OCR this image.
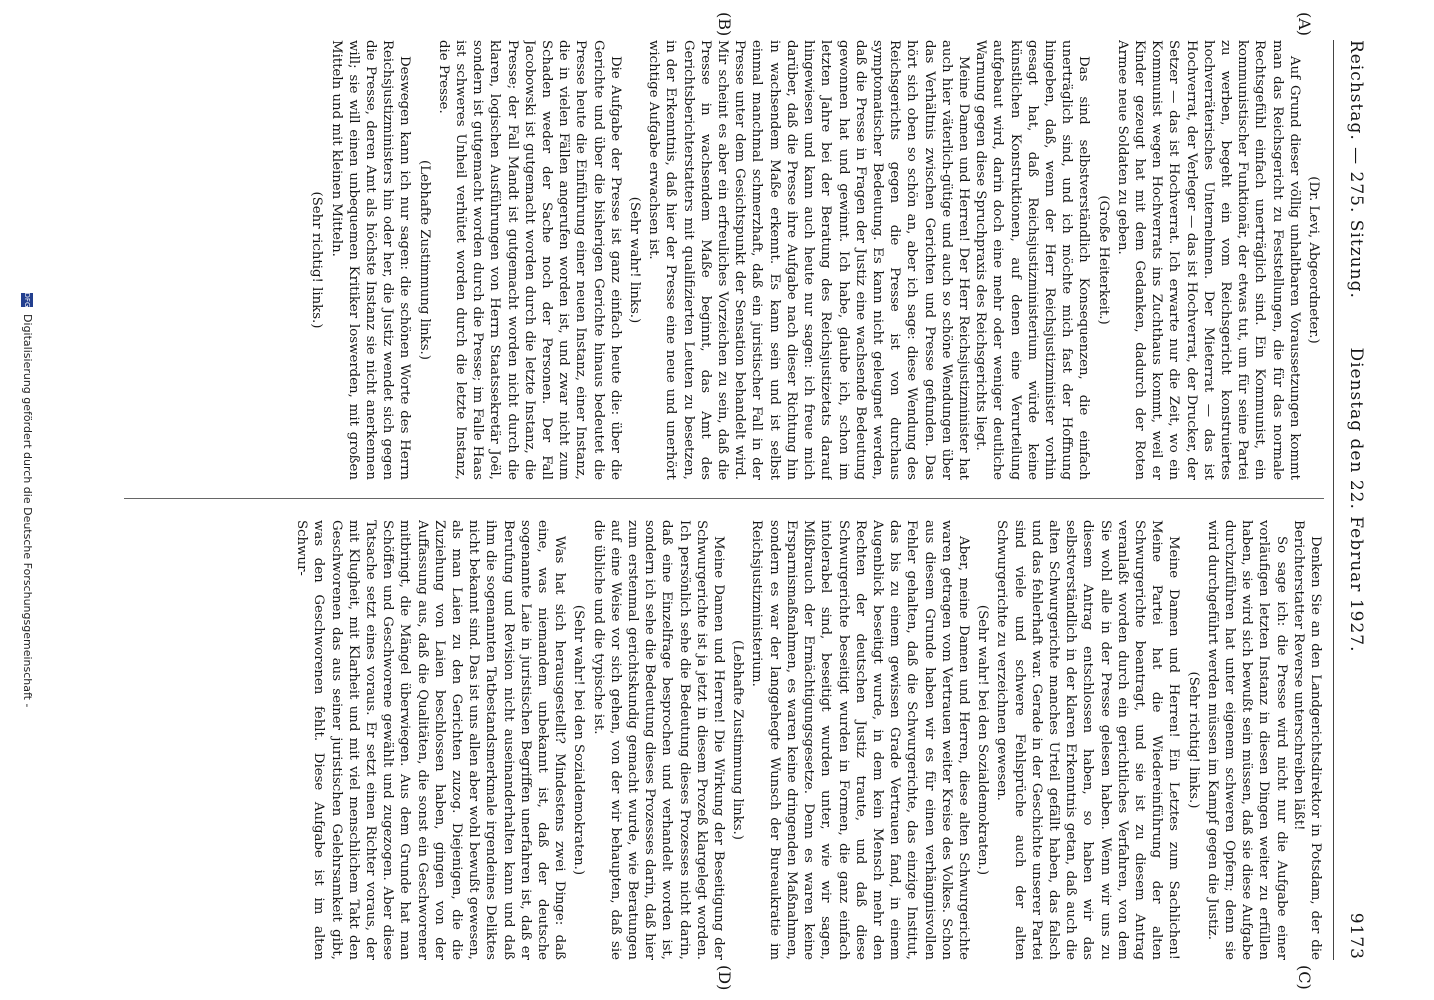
Reichstag. — 275. Sitzung.
Dienstag den 22. Februar 1927.
9173
(A)
(B)
(C)
(D)

(Dr. Levi, Abgeordneter.)

Auf Grund dieser völlig unhaltbaren Voraussetzungen kommt man das Reichsgericht zu Feststellungen, die für das normale Rechtsgefühl einfach unerträglich sind. Ein Kommunist, ein kommunistischer Funktionär, der etwas tut, um für seine Partei zu werben, begeht ein vom Reichsgericht konstruiertes hochverräterisches Unternehmen. Der Mieterrat — das ist Hochverrat, der Verleger — das ist Hochverrat, der Drucker, der Setzer — das ist Hochverrat. Ich erwarte nur die Zeit, wo ein Kommunist wegen Hochverrats ins Zuchthaus kommt, weil er Kinder gezeugt hat mit dem Gedanken, dadurch der Roten Armee neue Soldaten zu geben.

(Große Heiterkeit.)

Das sind selbstverständlich Konsequenzen, die einfach unerträglich sind, und ich möchte mich fast der Hoffnung hingeben, daß, wenn der Herr Reichsjustizminister vorhin gesagt hat, daß Reichsjustizministerium würde keine künstlichen Konstruktionen, auf denen eine Verurteilung aufgebaut wird, darin doch eine mehr oder weniger deutliche Warnung gegen diese Spruchpraxis des Reichsgerichts liegt.

Meine Damen und Herren! Der Herr Reichsjustizminister hat auch hier väterlich-gütige und auch so schöne Wendungen über das Verhältnis zwischen Gerichten und Presse gefunden. Das hört sich oben so schön an, aber ich sage: diese Wendung des Reichsgerichts gegen die Presse ist von durchaus symptomatischer Bedeutung. Es kann nicht geleugnet werden, daß die Presse in Fragen der Justiz eine wachsende Bedeutung gewonnen hat und gewinnt. Ich habe, glaube ich, schon im letzten Jahre bei der Beratung des Reichsjustizetats darauf hingewiesen und kann auch heute nur sagen: ich freue mich darüber, daß die Presse ihre Aufgabe nach dieser Richtung hin in wachsendem Maße erkennt. Es kann sein und ist selbst einmal manchmal schmerzhaft, daß ein juristischer Fall in der Presse unter dem Gesichtspunkt der Sensation behandelt wird. Mir scheint es aber ein erfreuliches Vorzeichen zu sein, daß die Presse in wachsendem Maße beginnt, das Amt des Gerichtsberichterstatters mit qualifizierten Leuten zu besetzen, in der Erkenntnis, daß hier der Presse eine neue und unerhört wichtige Aufgabe erwachsen ist.

(Sehr wahr! links.)

Die Aufgabe der Presse ist ganz einfach heute die: über die Gerichte und über die bisherigen Gerichte hinaus bedeutet die Presse heute die Einführung einer neuen Instanz, einer Instanz, die in vielen Fällen angerufen worden ist, und zwar nicht zum Schaden weder der Sache noch der Personen. Der Fall Jacobowski ist gutgemacht worden durch die letzte Instanz, die Presse; der Fall Mandt ist gutgemacht worden nicht durch die klaren, logischen Ausführungen von Herrn Staatssekretär Joël, sondern ist gutgemacht worden durch die Presse; im Falle Haas ist schweres Unheil verhütet worden durch die letzte Instanz, die Presse.

(Lebhafte Zustimmung links.)

Deswegen kann ich nur sagen: die schönen Worte des Herrn Reichsjustizministers hin oder her, die Justiz wendet sich gegen die Presse, deren Amt als höchste Instanz sie nicht anerkennen will; sie will einen unbequemen Kritiker loswerden, mit großen Mitteln und mit kleinen Mitteln.

(Sehr richtig! links.)

Denken Sie an den Landgerichtsdirektor in Potsdam, der die Berichterstatter Reverse unterschreiben läßt!

So sage ich: die Presse wird nicht nur die Aufgabe einer vorläufigen letzten Instanz in diesen Dingen weiter zu erfüllen haben, sie wird sich bewußt sein müssen, daß sie diese Aufgabe durchzuführen hat unter eigenem schweren Opfern; denn sie wird durchgeführt werden müssen im Kampf gegen die Justiz.

(Sehr richtig! links.)

Meine Damen und Herren! Ein Letztes zum Sachlichen! Meine Partei hat die Wiedereinführung der alten Schwurgerichte beantragt, und sie ist zu diesem Antrag veranlaßt worden durch ein gerichtliches Verfahren, von dem Sie wohl alle in der Presse gelesen haben. Wenn wir uns zu diesem Antrag entschlossen haben, so haben wir das selbstverständlich in der klaren Erkenntnis getan, daß auch die alten Schwurgerichte manches Urteil gefällt haben, das falsch und das fehlerhaft war. Gerade in der Geschichte unserer Partei sind viele und schwere Fehlsprüche auch der alten Schwurgerichte zu verzeichnen gewesen.

(Sehr wahr! bei den Sozialdemokraten.)

Aber, meine Damen und Herren, diese alten Schwurgerichte waren getragen vom Vertrauen weiter Kreise des Volkes. Schon aus diesem Grunde haben wir es für einen verhängnisvollen Fehler gehalten, daß die Schwurgerichte, das einzige Institut, das bis zu einem gewissen Grade Vertrauen fand, in einem Augenblick beseitigt wurde, in dem kein Mensch mehr den Rechten der deutschen Justiz traute, und daß diese Schwurgerichte beseitigt wurden in Formen, die ganz einfach intolerabel sind, beseitigt wurden unter, wie wir sagen, Mißbrauch der Ermächtigungsgesetze. Denn es waren keine Ersparnismaßnahmen, es waren keine dringenden Maßnahmen, sondern es war der langgehegte Wunsch der Bureaukratie im Reichsjustizministerium.

(Lebhafte Zustimmung links.)

Meine Damen und Herren! Die Wirkung der Beseitigung der Schwurgerichte ist ja jetzt in diesem Prozeß klargelegt worden. Ich persönlich sehe die Bedeutung dieses Prozesses nicht darin, daß eine Einzelfrage besprochen und verhandelt worden ist, sondern ich sehe die Bedeutung dieses Prozesses darin, daß hier zum erstenmal gerichtskundig gemacht wurde, wie Beratungen auf eine Weise vor sich gehen, von der wir behaupten, daß sie die übliche und die typische ist.

(Sehr wahr! bei den Sozialdemokraten.)

Was hat sich herausgestellt? Mindestens zwei Dinge: daß eine, was niemandem unbekannt ist, daß der deutsche sogenannte Laie in juristischen Begriffen unerfahren ist, daß er Berufung und Revision nicht auseinanderhalten kann und daß ihm die sogenannten Tatbestandsmerkmale irgendeines Deliktes nicht bekannt sind. Das ist uns allen aber wohl bewußt gewesen, als man Laien zu den Gerichten zuzog. Diejenigen, die die Zuziehung von Laien beschlossen haben, gingen von der Auffassung aus, daß die Qualitäten, die sonst ein Geschworener mitbringt, die Mängel überwiegen. Aus dem Grunde hat man Schöffen und Geschworene gewählt und zugezogen. Aber diese Tatsache setzt eines voraus. Er setzt einen Richter voraus, der mit Klugheit, mit Klarheit und mit viel menschlichem Takt den Geschworenen das aus seiner juristischen Gelehrsamkeit gibt, was den Geschworenen fehlt. Diese Aufgabe ist im alten Schwur-

DFG Digitalisierung gefördert durch die Deutsche Forschungsgemeinschaft -
